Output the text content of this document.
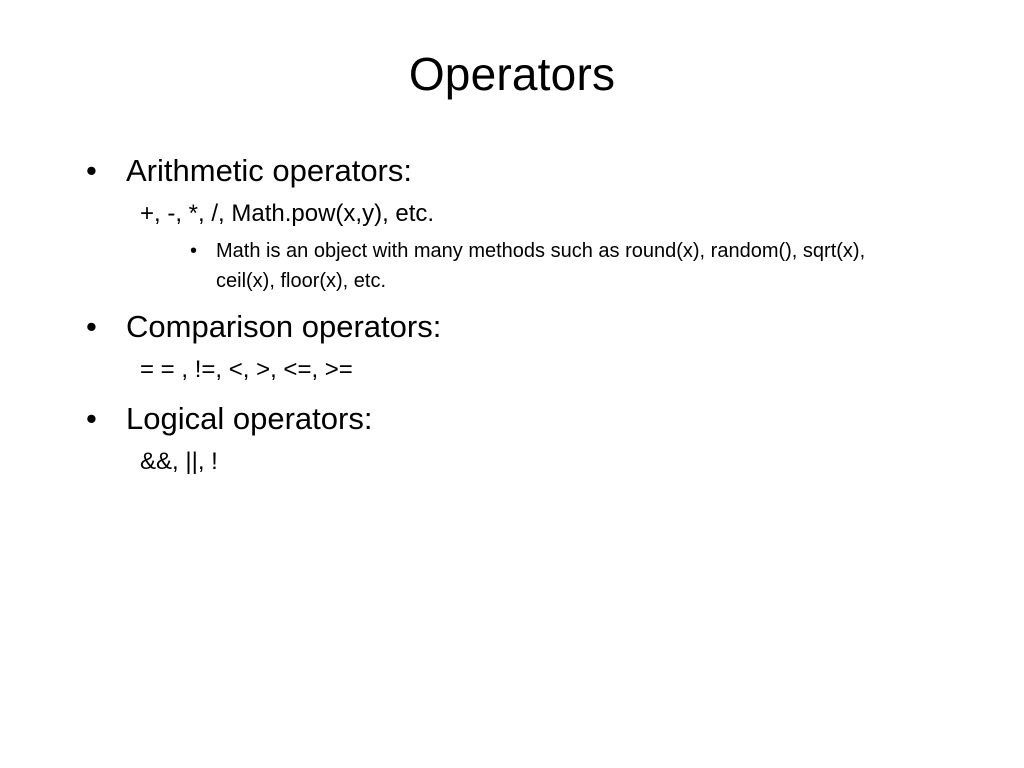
Operators
• Arithmetic operators:
+, -, *, /, Math.pow(x,y), etc.
• Math is an object with many methods such as round(x), random(), sqrt(x), ceil(x), floor(x), etc.
• Comparison operators:
= = , !=, <, >, <=, >=
• Logical operators:
&&, ||, !
